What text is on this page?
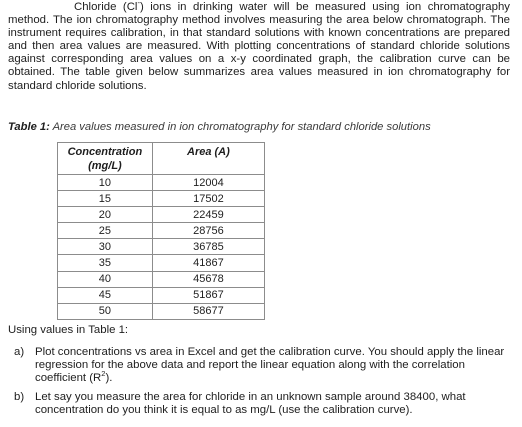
Chloride (Cl-) ions in drinking water will be measured using ion chromatography method. The ion chromatography method involves measuring the area below chromatograph. The instrument requires calibration, in that standard solutions with known concentrations are prepared and then area values are measured. With plotting concentrations of standard chloride solutions against corresponding area values on a x-y coordinated graph, the calibration curve can be obtained. The table given below summarizes area values measured in ion chromatography for standard chloride solutions.

Table 1: Area values measured in ion chromatography for standard chloride solutions

Concentration (mg/L)	Area (A)
10	12004
15	17502
20	22459
25	28756
30	36785
35	41867
40	45678
45	51867
50	58677

Using values in Table 1:

a) Plot concentrations vs area in Excel and get the calibration curve. You should apply the linear regression for the above data and report the linear equation along with the correlation coefficient $(R^2)$.
b) Let say you measure the area for chloride in an unknown sample around 38400, what concentration do you think it is equal to as mg/L (use the calibration curve).
